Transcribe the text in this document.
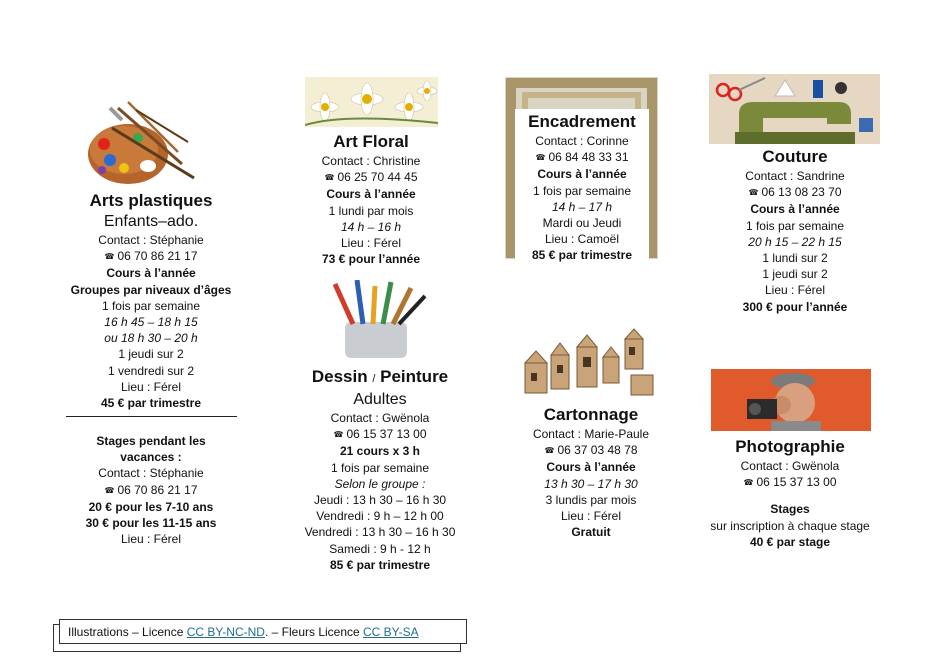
Arts plastiques
Enfants–ado.
Contact : Stéphanie
☎ 06 70 86 21 17
Cours à l’année
Groupes par niveaux d’âges
1 fois par semaine
16 h 45 – 18 h 15
ou 18 h 30 – 20 h
1 jeudi sur 2
1 vendredi sur 2
Lieu : Férel
45 € par trimestre
Stages pendant les
vacances :
Contact : Stéphanie
☎ 06 70 86 21 17
20 € pour les 7-10 ans
30 € pour les 11-15 ans
Lieu : Férel
Art Floral
Contact : Christine
☎ 06 25 70 44 45
Cours à l’année
1 lundi par mois
14 h – 16 h
Lieu : Férel
73 € pour l’année
Dessin / Peinture
Adultes
Contact : Gwënola
☎ 06 15 37 13 00
21 cours x 3 h
1 fois par semaine
Selon le groupe :
Jeudi : 13 h 30 – 16 h 30
Vendredi : 9 h – 12 h 00
Vendredi : 13 h 30 – 16 h 30
Samedi : 9 h - 12 h
85 € par trimestre
Encadrement
Contact : Corinne
☎ 06 84 48 33 31
Cours à l’année
1 fois par semaine
14 h – 17 h
Mardi ou Jeudi
Lieu : Camoël
85 € par trimestre
Cartonnage
Contact : Marie-Paule
☎ 06 37 03 48 78
Cours à l’année
13 h 30 – 17 h 30
3 lundis par mois
Lieu : Férel
Gratuit
Couture
Contact : Sandrine
☎ 06 13 08 23 70
Cours à l’année
1 fois par semaine
20 h 15 – 22 h 15
1 lundi sur 2
1 jeudi sur 2
Lieu : Férel
300 € pour l’année
Photographie
Contact : Gwënola
☎ 06 15 37 13 00
Stages
sur inscription à chaque stage
40 € par stage
Illustrations – Licence CC BY-NC-ND. – Fleurs Licence CC BY-SA
